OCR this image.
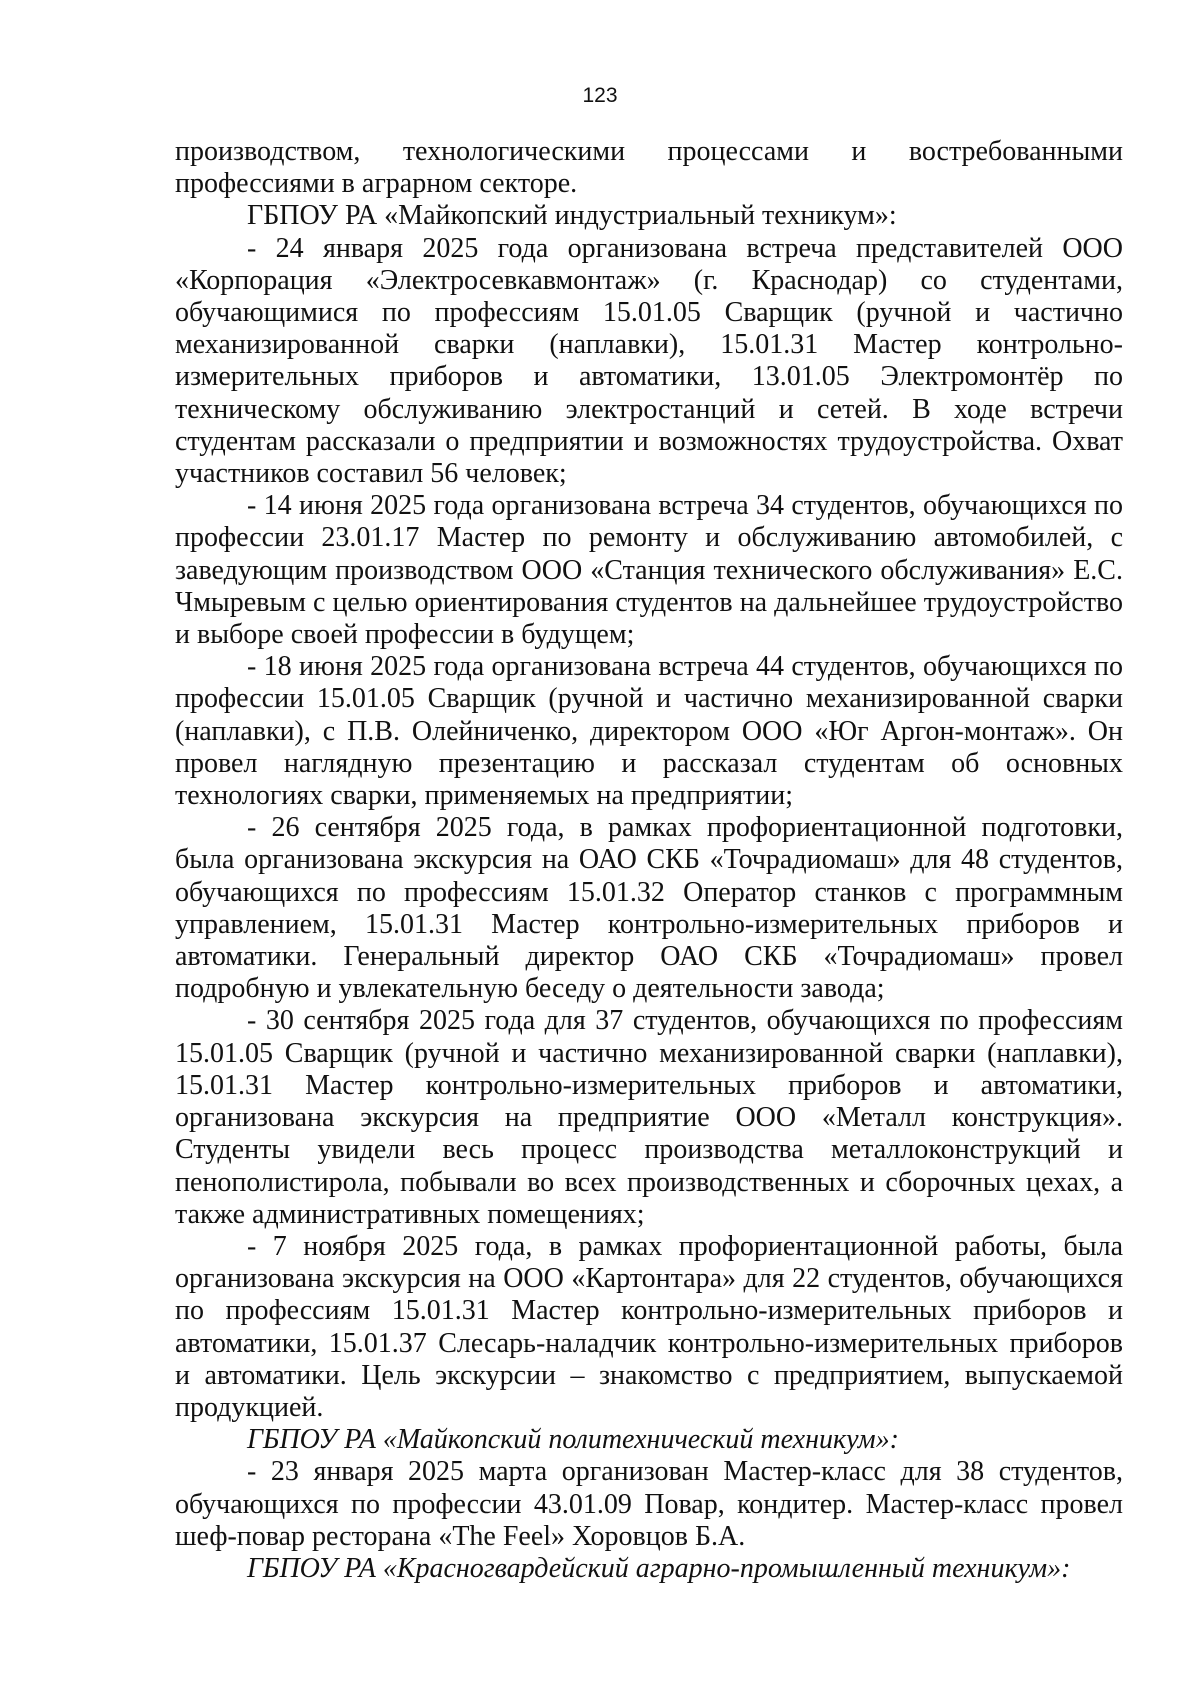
123

производством, технологическими процессами и востребованными профессиями в аграрном секторе.

ГБПОУ РА «Майкопский индустриальный техникум»:

- 24 января 2025 года организована встреча представителей ООО «Корпорация «Электросевкавмонтаж» (г. Краснодар) со студентами, обучающимися по профессиям 15.01.05 Сварщик (ручной и частично механизированной сварки (наплавки), 15.01.31 Мастер контрольно-измерительных приборов и автоматики, 13.01.05 Электромонтёр по техническому обслуживанию электростанций и сетей. В ходе встречи студентам рассказали о предприятии и возможностях трудоустройства. Охват участников составил 56 человек;

- 14 июня 2025 года организована встреча 34 студентов, обучающихся по профессии 23.01.17 Мастер по ремонту и обслуживанию автомобилей, с заведующим производством ООО «Станция технического обслуживания» Е.С. Чмыревым с целью ориентирования студентов на дальнейшее трудоустройство и выборе своей профессии в будущем;

- 18 июня 2025 года организована встреча 44 студентов, обучающихся по профессии 15.01.05 Сварщик (ручной и частично механизированной сварки (наплавки), с П.В. Олейниченко, директором ООО «Юг Аргон-монтаж». Он провел наглядную презентацию и рассказал студентам об основных технологиях сварки, применяемых на предприятии;

- 26 сентября 2025 года, в рамках профориентационной подготовки, была организована экскурсия на ОАО СКБ «Точрадиомаш» для 48 студентов, обучающихся по профессиям 15.01.32 Оператор станков с программным управлением, 15.01.31 Мастер контрольно-измерительных приборов и автоматики. Генеральный директор ОАО СКБ «Точрадиомаш» провел подробную и увлекательную беседу о деятельности завода;

- 30 сентября 2025 года для 37 студентов, обучающихся по профессиям 15.01.05 Сварщик (ручной и частично механизированной сварки (наплавки), 15.01.31 Мастер контрольно-измерительных приборов и автоматики, организована экскурсия на предприятие ООО «Металл конструкция». Студенты увидели весь процесс производства металлоконструкций и пенополистирола, побывали во всех производственных и сборочных цехах, а также административных помещениях;

- 7 ноября 2025 года, в рамках профориентационной работы, была организована экскурсия на ООО «Картонтара» для 22 студентов, обучающихся по профессиям 15.01.31 Мастер контрольно-измерительных приборов и автоматики, 15.01.37 Слесарь-наладчик контрольно-измерительных приборов и автоматики. Цель экскурсии – знакомство с предприятием, выпускаемой продукцией.

ГБПОУ РА «Майкопский политехнический техникум»:

- 23 января 2025 марта организован Мастер-класс для 38 студентов, обучающихся по профессии 43.01.09 Повар, кондитер. Мастер-класс провел шеф-повар ресторана «The Feel» Хоровцов Б.А.

ГБПОУ РА «Красногвардейский аграрно-промышленный техникум»:
